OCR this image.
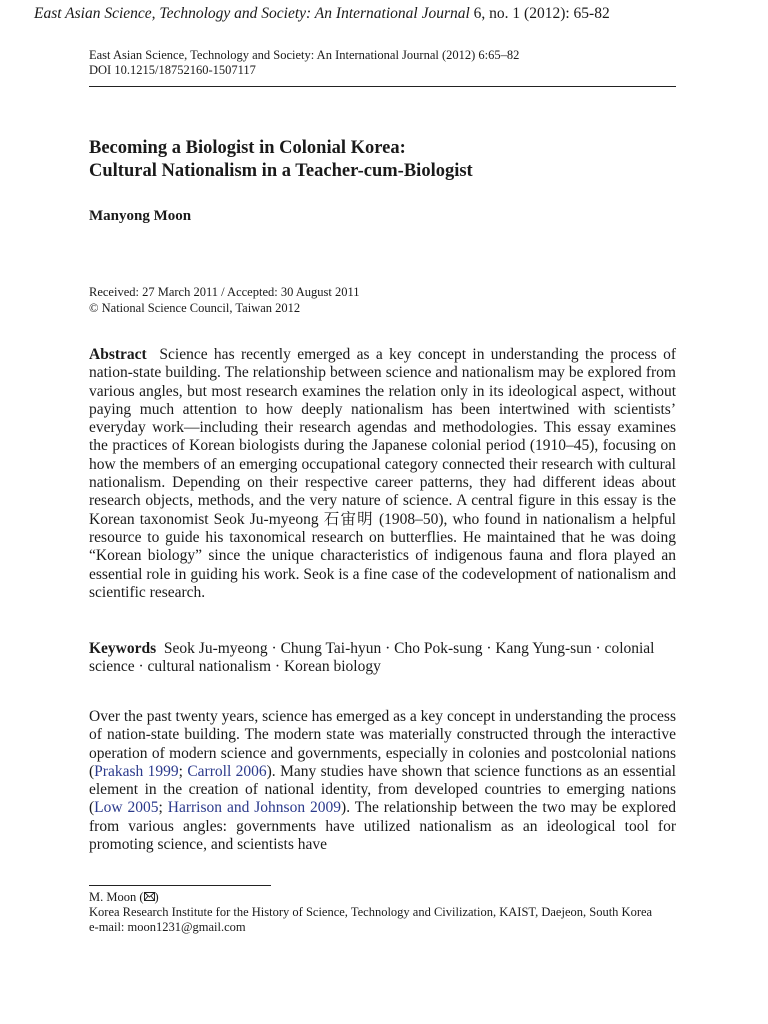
East Asian Science, Technology and Society: An International Journal 6, no. 1 (2012): 65-82
East Asian Science, Technology and Society: An International Journal (2012) 6:65–82
DOI 10.1215/18752160-1507117
Becoming a Biologist in Colonial Korea:
Cultural Nationalism in a Teacher-cum-Biologist
Manyong Moon
Received: 27 March 2011 / Accepted: 30 August 2011
© National Science Council, Taiwan 2012
Abstract Science has recently emerged as a key concept in understanding the process of nation-state building. The relationship between science and nationalism may be explored from various angles, but most research examines the relation only in its ideological aspect, without paying much attention to how deeply nationalism has been intertwined with scientists’ everyday work—including their research agendas and methodologies. This essay examines the practices of Korean biologists during the Japanese colonial period (1910–45), focusing on how the members of an emerging occupational category connected their research with cultural nationalism. Depending on their respective career patterns, they had different ideas about research objects, methods, and the very nature of science. A central figure in this essay is the Korean taxonomist Seok Ju-myeong 石宙明 (1908–50), who found in nationalism a helpful resource to guide his taxonomical research on butterflies. He maintained that he was doing “Korean biology” since the unique characteristics of indigenous fauna and flora played an essential role in guiding his work. Seok is a fine case of the codevelopment of nationalism and scientific research.
Keywords Seok Ju-myeong · Chung Tai-hyun · Cho Pok-sung · Kang Yung-sun · colonial science · cultural nationalism · Korean biology
Over the past twenty years, science has emerged as a key concept in understanding the process of nation-state building. The modern state was materially constructed through the interactive operation of modern science and governments, especially in colonies and postcolonial nations (Prakash 1999; Carroll 2006). Many studies have shown that science functions as an essential element in the creation of national identity, from developed countries to emerging nations (Low 2005; Harrison and Johnson 2009). The relationship between the two may be explored from various angles: governments have utilized nationalism as an ideological tool for promoting science, and scientists have
M. Moon ( )
Korea Research Institute for the History of Science, Technology and Civilization, KAIST, Daejeon, South Korea
e-mail: moon1231@gmail.com
